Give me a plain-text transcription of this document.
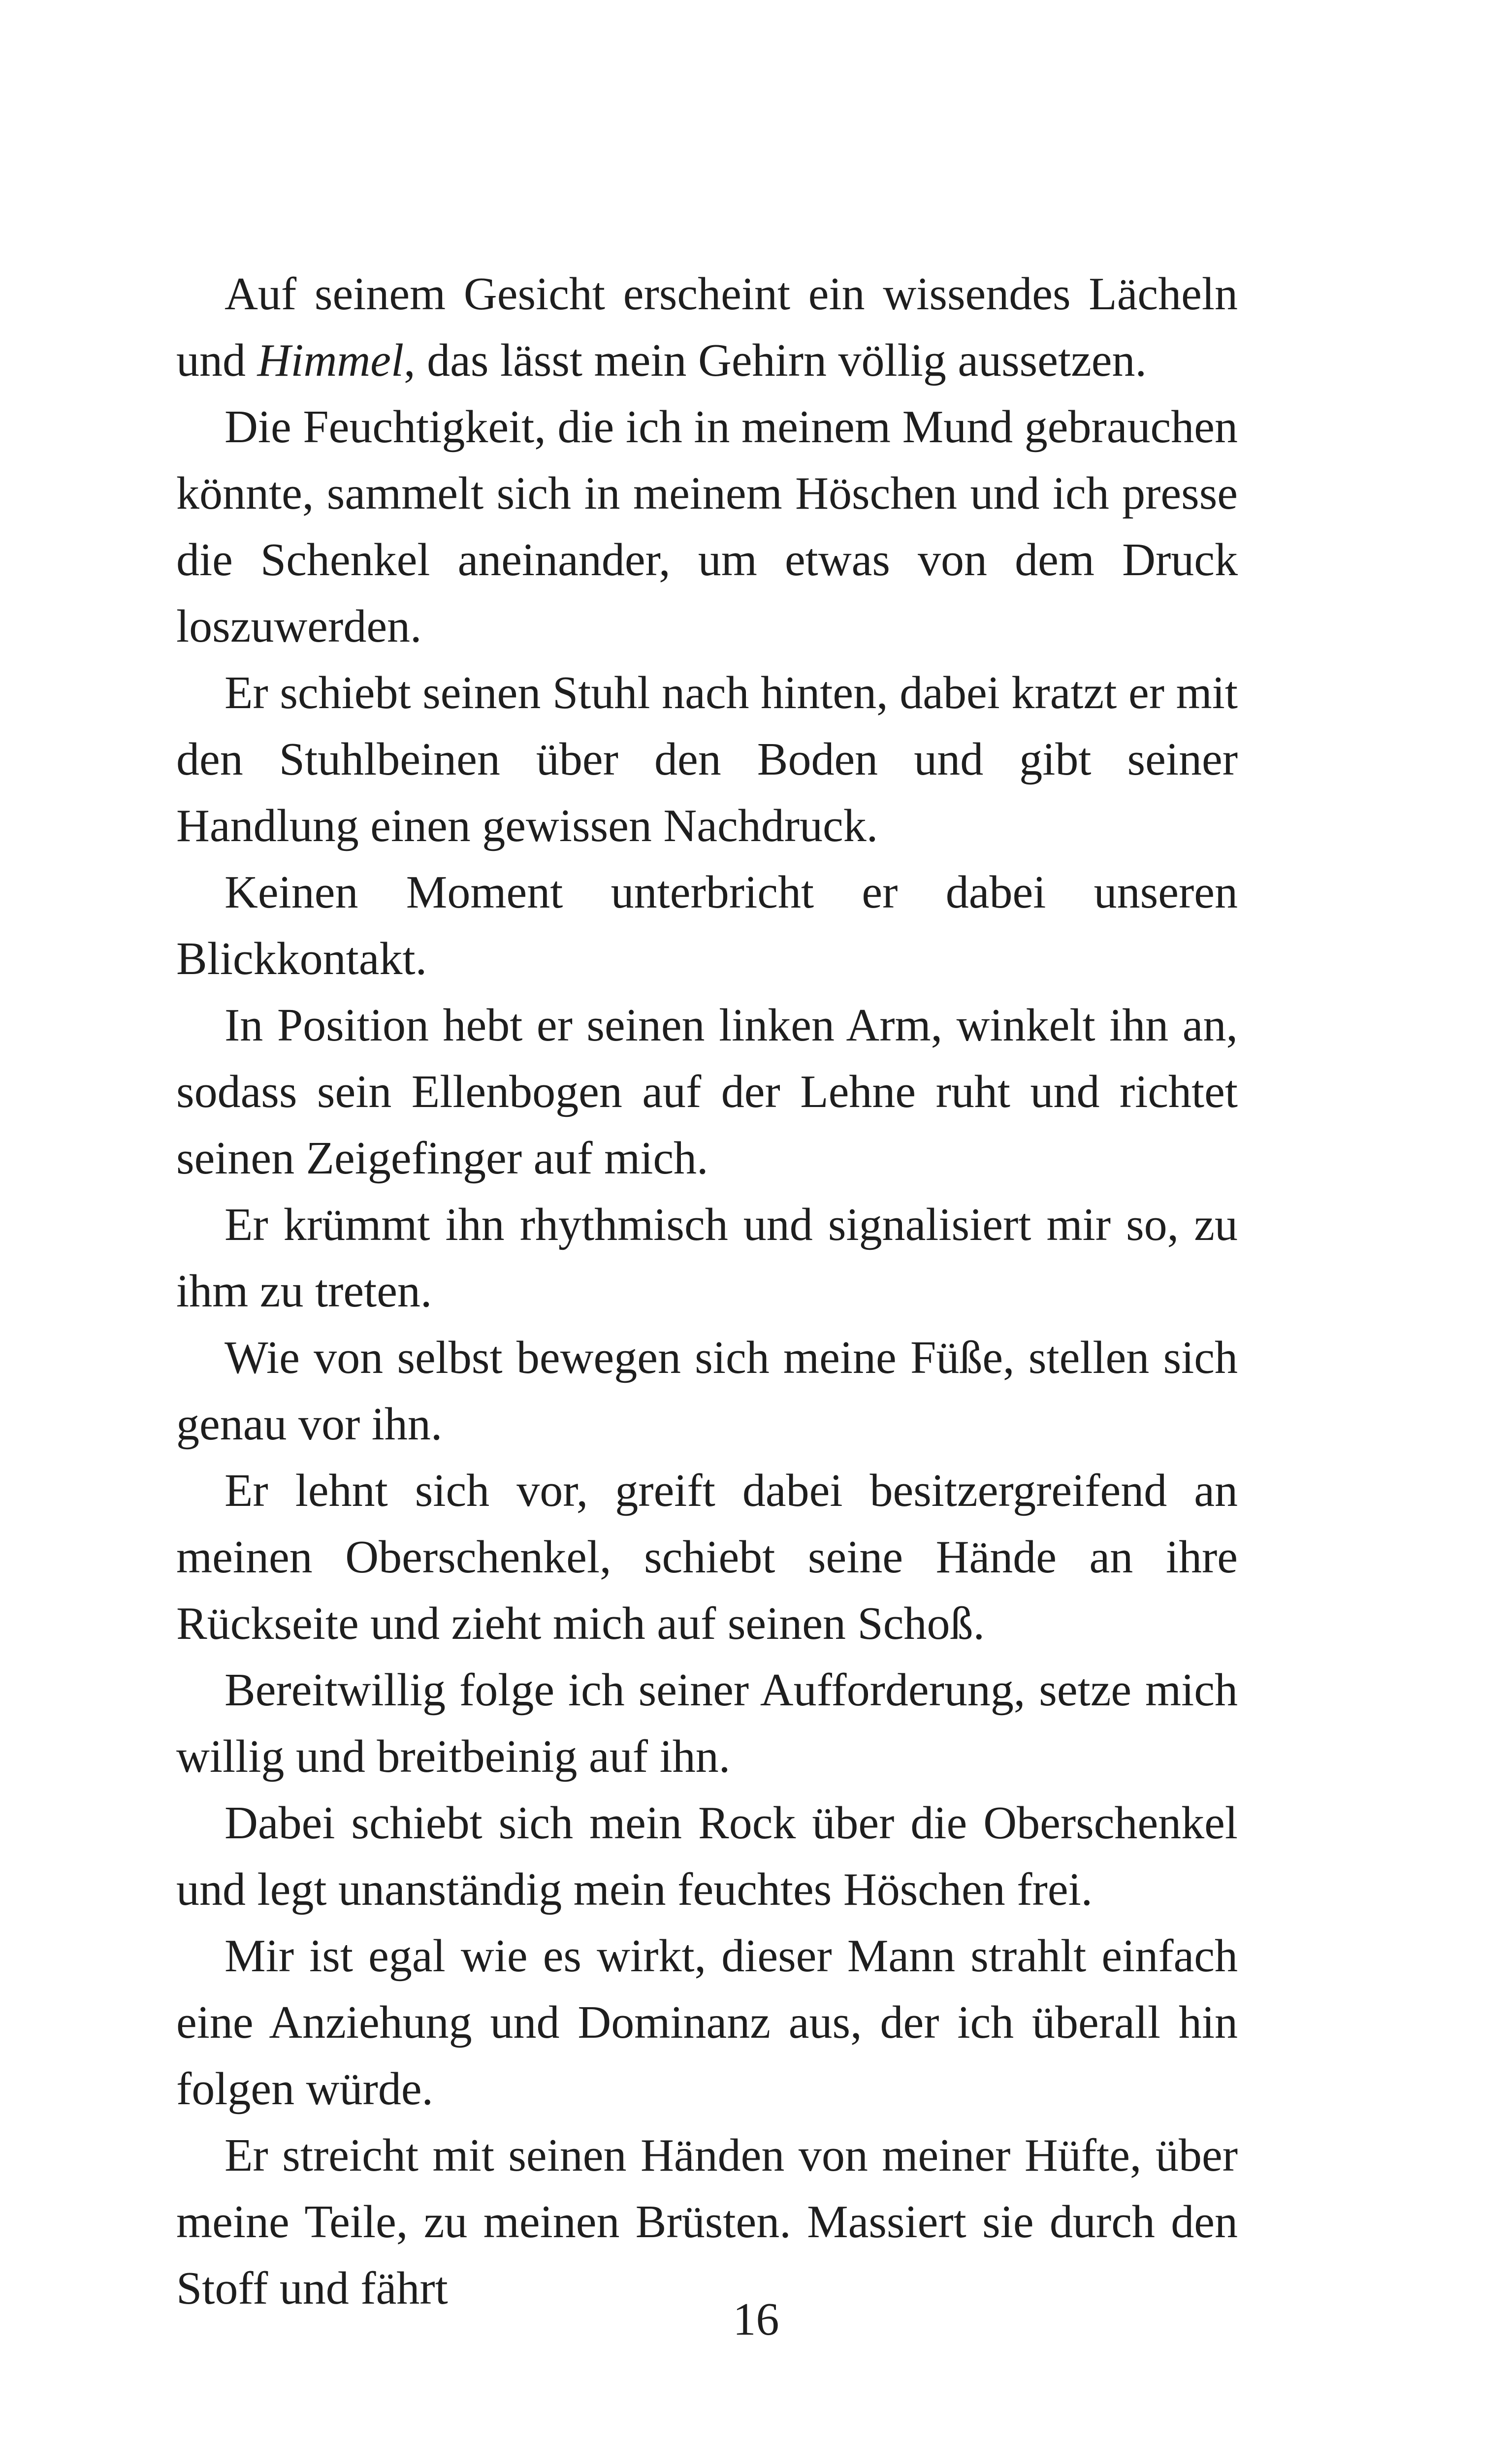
Auf seinem Gesicht erscheint ein wissendes Lächeln und Himmel, das lässt mein Gehirn völlig aussetzen.

Die Feuchtigkeit, die ich in meinem Mund gebrauchen könnte, sammelt sich in meinem Höschen und ich presse die Schenkel aneinander, um etwas von dem Druck loszuwerden.

Er schiebt seinen Stuhl nach hinten, dabei kratzt er mit den Stuhlbeinen über den Boden und gibt seiner Handlung einen gewissen Nachdruck.

Keinen Moment unterbricht er dabei unseren Blickkontakt.

In Position hebt er seinen linken Arm, winkelt ihn an, sodass sein Ellenbogen auf der Lehne ruht und richtet seinen Zeigefinger auf mich.

Er krümmt ihn rhythmisch und signalisiert mir so, zu ihm zu treten.

Wie von selbst bewegen sich meine Füße, stellen sich genau vor ihn.

Er lehnt sich vor, greift dabei besitzergreifend an meinen Oberschenkel, schiebt seine Hände an ihre Rückseite und zieht mich auf seinen Schoß.

Bereitwillig folge ich seiner Aufforderung, setze mich willig und breitbeinig auf ihn.

Dabei schiebt sich mein Rock über die Oberschenkel und legt unanständig mein feuchtes Höschen frei.

Mir ist egal wie es wirkt, dieser Mann strahlt einfach eine Anziehung und Dominanz aus, der ich überall hin folgen würde.

Er streicht mit seinen Händen von meiner Hüfte, über meine Teile, zu meinen Brüsten. Massiert sie durch den Stoff und fährt

16
